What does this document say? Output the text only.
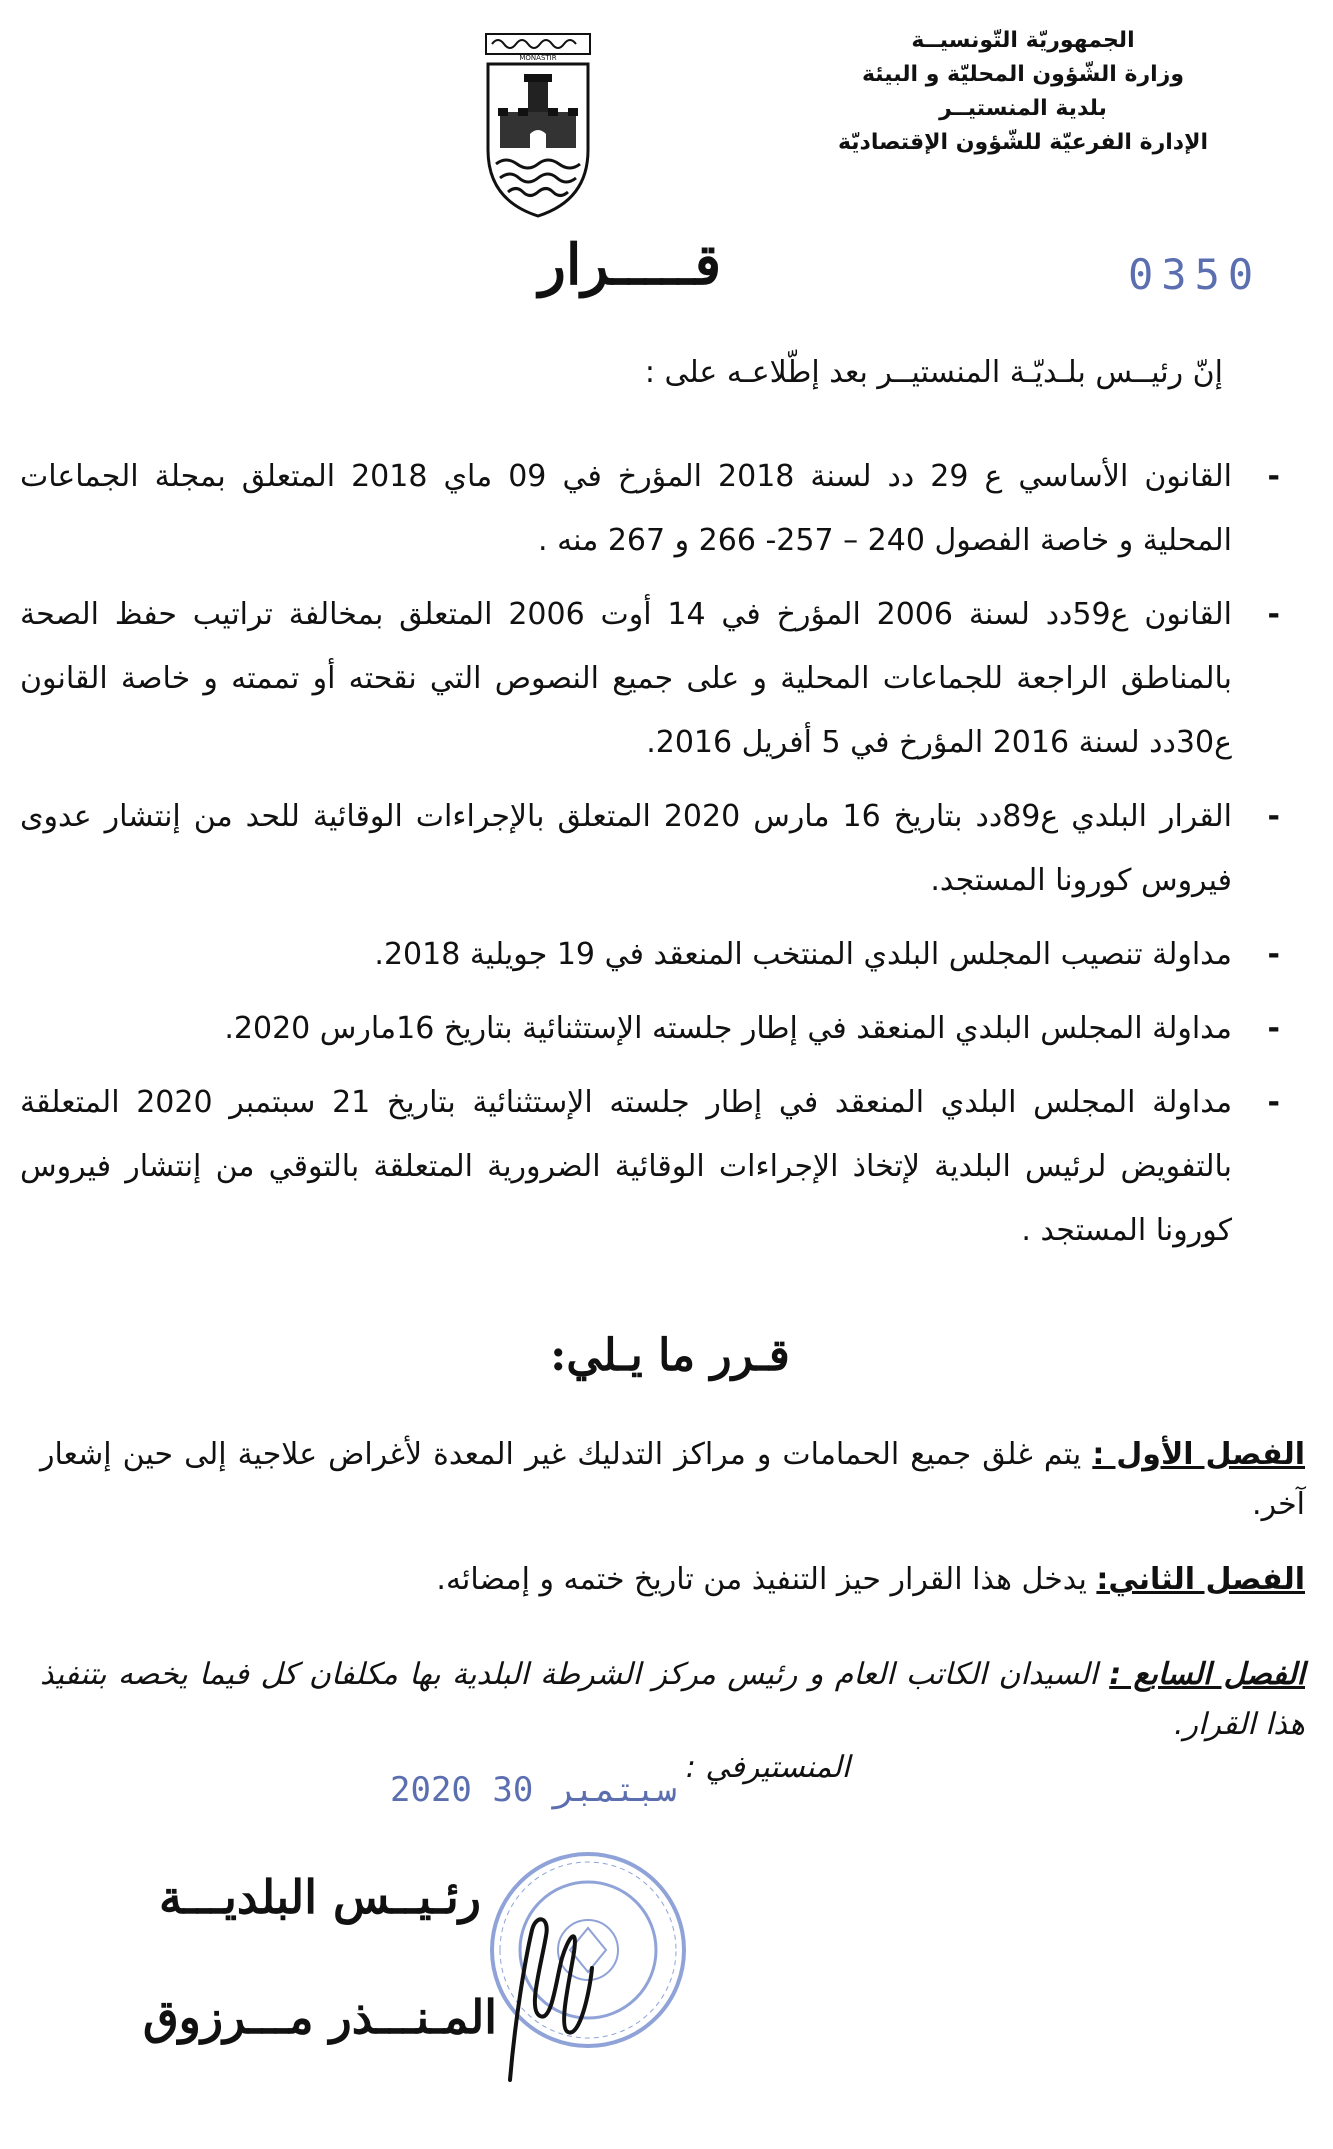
الجمهوريّة التّونسيــة
وزارة الشّؤون المحليّة و البيئة
بلدية المنستيــر
الإدارة الفرعيّة للشّؤون الإقتصاديّة
MONASTIR
قـــــرار	0350
إنّ رئيــس بلـديّـة المنستيــر بعد إطّلاعـه على :
-
القانون الأساسي ع 29 دد لسنة 2018 المؤرخ في 09 ماي 2018 المتعلق بمجلة الجماعات المحلية و خاصة الفصول 240 – 257- 266 و 267 منه .
-
القانون ع59دد لسنة 2006 المؤرخ في 14 أوت 2006 المتعلق بمخالفة تراتيب حفظ الصحة بالمناطق الراجعة للجماعات المحلية و على جميع النصوص التي نقحته أو تممته و خاصة القانون ع30دد لسنة 2016 المؤرخ في 5 أفريل 2016.
-
القرار البلدي ع89دد بتاريخ 16 مارس 2020 المتعلق بالإجراءات الوقائية للحد من إنتشار عدوى فيروس كورونا المستجد.
-
مداولة تنصيب المجلس البلدي المنتخب المنعقد في 19 جويلية 2018.
-
مداولة المجلس البلدي المنعقد في إطار جلسته الإستثنائية بتاريخ 16مارس 2020.
-
مداولة المجلس البلدي المنعقد في إطار جلسته الإستثنائية بتاريخ 21 سبتمبر 2020 المتعلقة بالتفويض لرئيس البلدية لإتخاذ الإجراءات الوقائية الضرورية المتعلقة بالتوقي من إنتشار فيروس كورونا المستجد .
قـرر ما يـلي:
الفصل الأول : يتم غلق جميع الحمامات و مراكز التدليك غير المعدة لأغراض علاجية إلى حين إشعار آخر.
الفصل الثاني: يدخل هذا القرار حيز التنفيذ من تاريخ ختمه و إمضائه.
الفصل السابع : السيدان الكاتب العام و رئيس مركز الشرطة البلدية بها مكلفان كل فيما يخصه بتنفيذ هذا القرار.
المنستيرفي :
2020 سبتمبر 30
رئـيــس البلديـــة
المـنـــذر مـــرزوق
